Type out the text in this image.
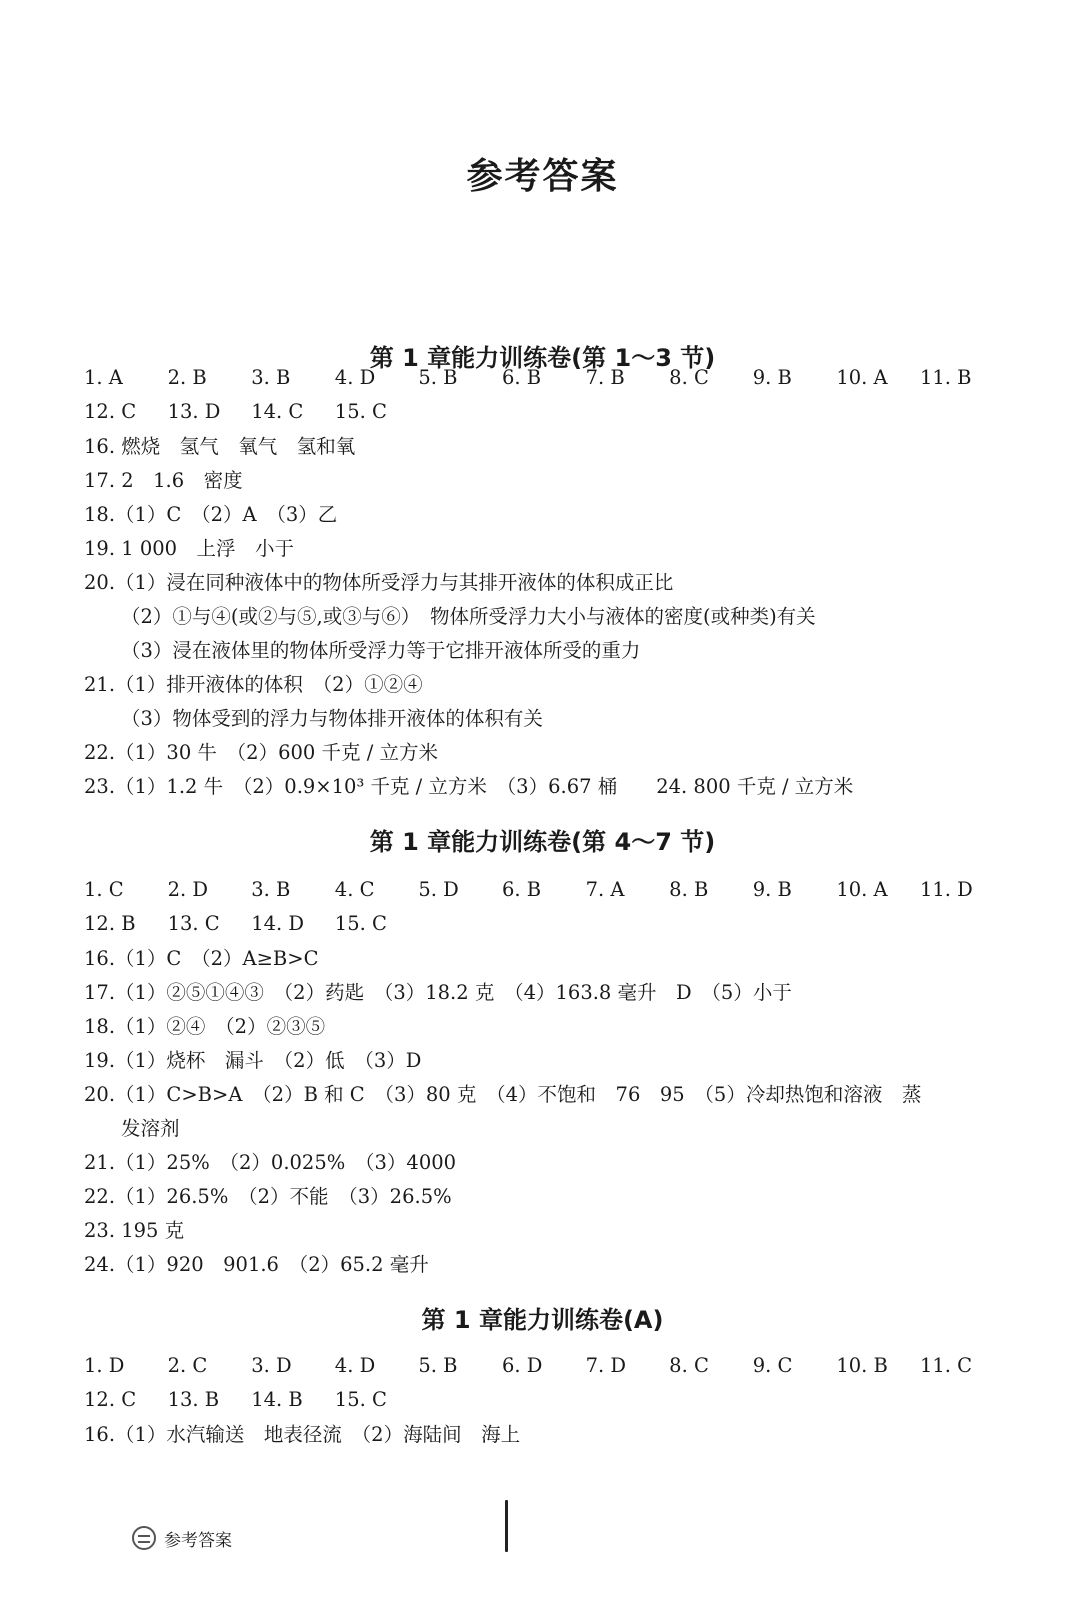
参考答案
第 1 章能力训练卷(第 1～3 节)
1. A	2. B	3. B	4. D	5. B	6. B	7. B	8. C	9. B	10. A	11. B
12. C	13. D	14. C	15. C
16. 燃烧　氢气　氧气　氢和氧
17. 2　1.6　密度
18.（1）C　（2）A　（3）乙
19. 1 000　上浮　小于
20.（1）浸在同种液体中的物体所受浮力与其排开液体的体积成正比
（2）①与④(或②与⑤,或③与⑥）　物体所受浮力大小与液体的密度(或种类)有关
（3）浸在液体里的物体所受浮力等于它排开液体所受的重力
21.（1）排开液体的体积　（2）①②④
（3）物体受到的浮力与物体排开液体的体积有关
22.（1）30 牛　（2）600 千克 / 立方米
23.（1）1.2 牛　（2）0.9×10³ 千克 / 立方米　（3）6.67 桶　　24. 800 千克 / 立方米
第 1 章能力训练卷(第 4～7 节)
1. C	2. D	3. B	4. C	5. D	6. B	7. A	8. B	9. B	10. A	11. D
12. B	13. C	14. D	15. C
16.（1）C　（2）A≥B>C
17.（1）②⑤①④③　（2）药匙　（3）18.2 克　（4）163.8 毫升　D　（5）小于
18.（1）②④　（2）②③⑤
19.（1）烧杯　漏斗　（2）低　（3）D
20.（1）C>B>A　（2）B 和 C　（3）80 克　（4）不饱和　76　95　（5）冷却热饱和溶液　蒸
发溶剂
21.（1）25%　（2）0.025%　（3）4000
22.（1）26.5%　（2）不能　（3）26.5%
23. 195 克
24.（1）920　901.6　（2）65.2 毫升
第 1 章能力训练卷(A)
1. D	2. C	3. D	4. D	5. B	6. D	7. D	8. C	9. C	10. B	11. C
12. C	13. B	14. B	15. C
16.（1）水汽输送　地表径流　（2）海陆间　海上
参考答案
